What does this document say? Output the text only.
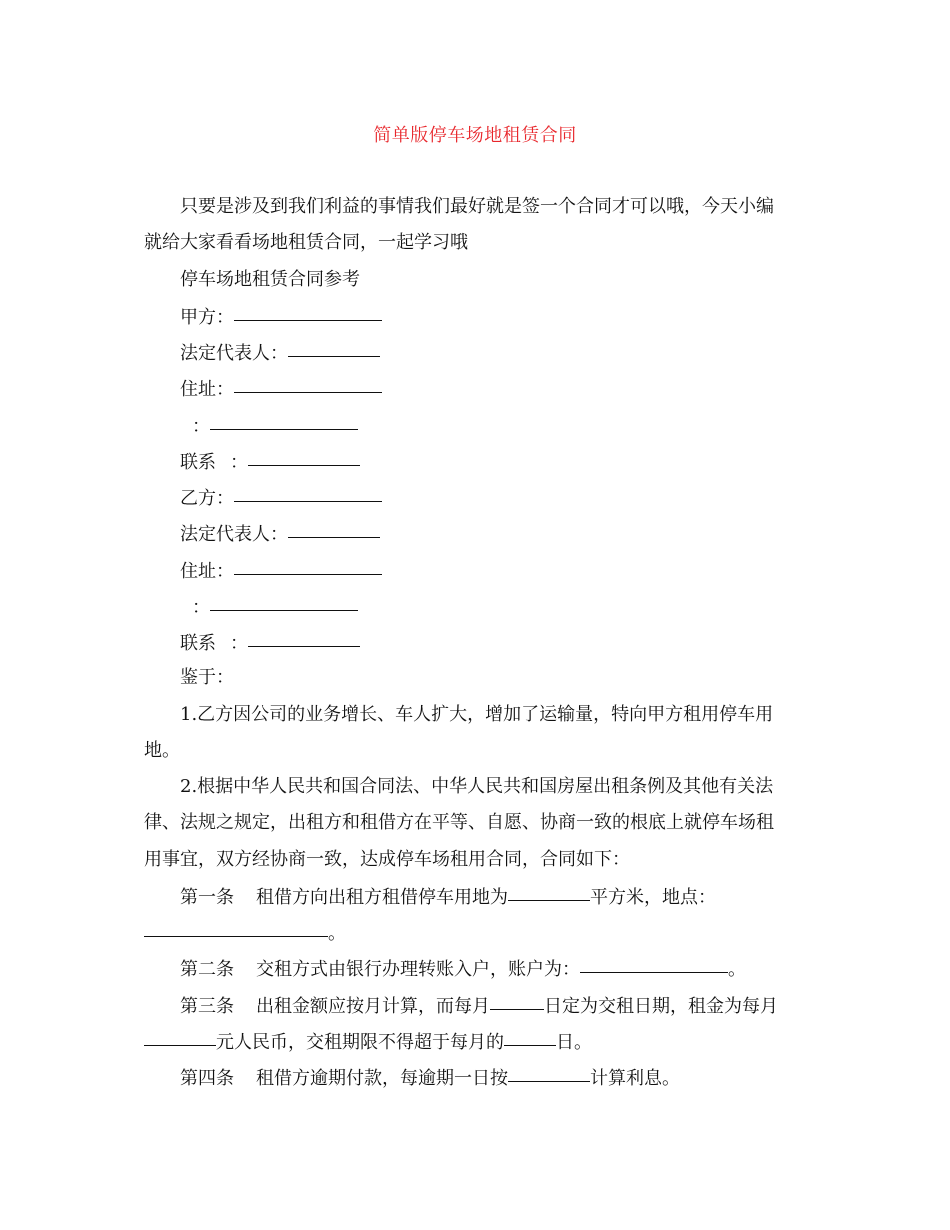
简单版停车场地租赁合同
只要是涉及到我们利益的事情我们最好就是签一个合同才可以哦，今天小编
就给大家看看场地租赁合同，一起学习哦
停车场地租赁合同参考
甲方：
法定代表人：
住址：
：
联系 ：
乙方：
法定代表人：
住址：
：
联系 ：
鉴于：
1.乙方因公司的业务增长、车人扩大，增加了运输量，特向甲方租用停车用
地。
2.根据中华人民共和国合同法、中华人民共和国房屋出租条例及其他有关法
律、法规之规定，出租方和租借方在平等、自愿、协商一致的根底上就停车场租
用事宜，双方经协商一致，达成停车场租用合同，合同如下：
第一条 租借方向出租方租借停车用地为	平方米，地点：
。
第二条 交租方式由银行办理转账入户，账户为：	。
第三条 出租金额应按月计算，而每月	日定为交租日期，租金为每月
元人民币，交租期限不得超于每月的	日。
第四条 租借方逾期付款，每逾期一日按	计算利息。
